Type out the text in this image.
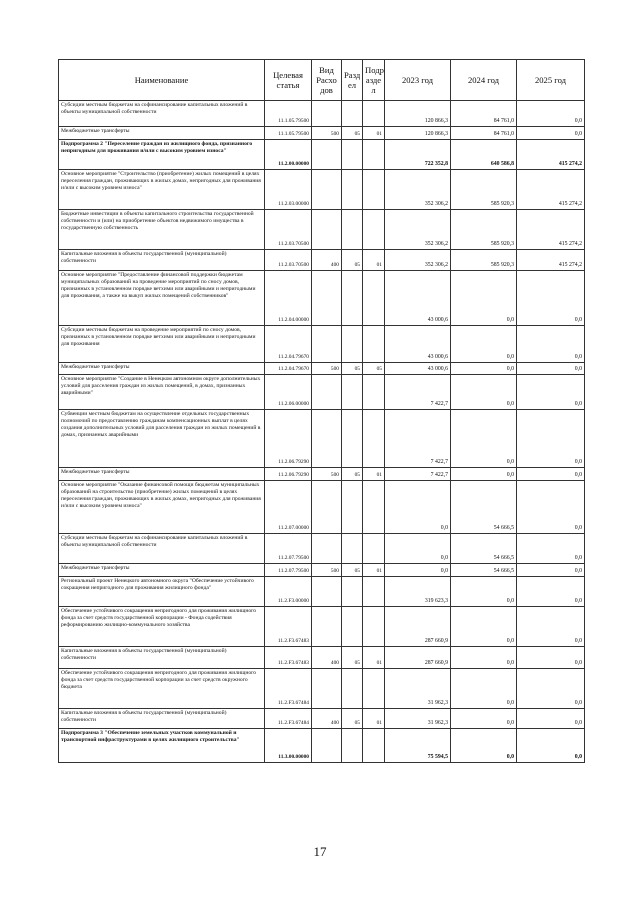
Наименование	Целевая статья	Вид Расхо дов	Разд ел	Подр азде л	2023 год	2024 год	2025 год
Субсидии местным бюджетам на софинансирование капитальных вложений в объекты муниципальной собственности	11.1.05.79500				120 866,3	84 761,0	0,0
Межбюджетные трансферты	11.1.05.79500	500	05	01	120 866,3	84 761,0	0,0
Подпрограмма 2 "Переселение граждан из жилищного фонда, признанного непригодным для проживания и/или с высоким уровнем износа"	11.2.00.00000				722 352,8	640 586,8	415 274,2
Основное мероприятие "Строительство (приобретение) жилых помещений в целях переселения граждан, проживающих в жилых домах, непригодных для проживания и/или с высоким уровнем износа"	11.2.03.00000				352 306,2	585 920,3	415 274,2
Бюджетные инвестиции в объекты капитального строительства государственной собственности и (или) на приобретение объектов недвижимого имущества в государственную собственность	11.2.03.70500				352 306,2	585 920,3	415 274,2
Капитальные вложения в объекты государственной (муниципальной) собственности	11.2.03.70500	400	05	01	352 306,2	585 920,3	415 274,2
Основное мероприятие "Предоставление финансовой поддержки бюджетам муниципальных образований на проведение мероприятий по сносу домов, признанных в установленном порядке ветхими или аварийными и непригодными для проживания, а также на выкуп жилых помещений собственников"	11.2.04.00000				43 000,6	0,0	0,0
Субсидии местным бюджетам на проведение мероприятий по сносу домов, признанных в установленном порядке ветхими или аварийными и непригодными для проживания	11.2.04.79670				43 000,6	0,0	0,0
Межбюджетные трансферты	11.2.04.79670	500	05	05	43 000,6	0,0	0,0
Основное мероприятие "Создание в Ненецком автономном округе дополнительных условий для расселения граждан из жилых помещений, в домах, признанных аварийными"	11.2.06.00000				7 422,7	0,0	0,0
Субвенции местным бюджетам на осуществление отдельных государственных полномочий по предоставлению гражданам компенсационных выплат в целях создания дополнительных условий для расселения граждан из жилых помещений в домах, признанных аварийными	11.2.06.79290				7 422,7	0,0	0,0
Межбюджетные трансферты	11.2.06.79290	500	05	01	7 422,7	0,0	0,0
Основное мероприятие "Оказание финансовой помощи бюджетам муниципальных образований на строительство (приобретение) жилых помещений в целях переселения граждан, проживающих в жилых домах, непригодных для проживания и/или с высоким уровнем износа"	11.2.07.00000				0,0	54 666,5	0,0
Субсидии местным бюджетам на софинансирование капитальных вложений в объекты муниципальной собственности	11.2.07.79500				0,0	54 666,5	0,0
Межбюджетные трансферты	11.2.07.79500	500	05	01	0,0	54 666,5	0,0
Региональный проект Ненецкого автономного округа "Обеспечение устойчивого сокращения непригодного для проживания жилищного фонда"	11.2.F3.00000				319 623,3	0,0	0,0
Обеспечение устойчивого сокращения непригодного для проживания жилищного фонда за счет средств государственной корпорации - Фонда содействия реформированию жилищно-коммунального хозяйства	11.2.F3.67483				287 660,9	0,0	0,0
Капитальные вложения в объекты государственной (муниципальной) собственности	11.2.F3.67483	400	05	01	287 660,9	0,0	0,0
Обеспечение устойчивого сокращения непригодного для проживания жилищного фонда за счет средств государственной корпорации за счет средств окружного бюджета	11.2.F3.67484				31 962,3	0,0	0,0
Капитальные вложения в объекты государственной (муниципальной) собственности	11.2.F3.67484	400	05	01	31 962,3	0,0	0,0
Подпрограмма 3 "Обеспечение земельных участков коммунальной и транспортной инфраструктурами в целях жилищного строительства"	11.3.00.00000				75 594,5	0,0	0,0
17
